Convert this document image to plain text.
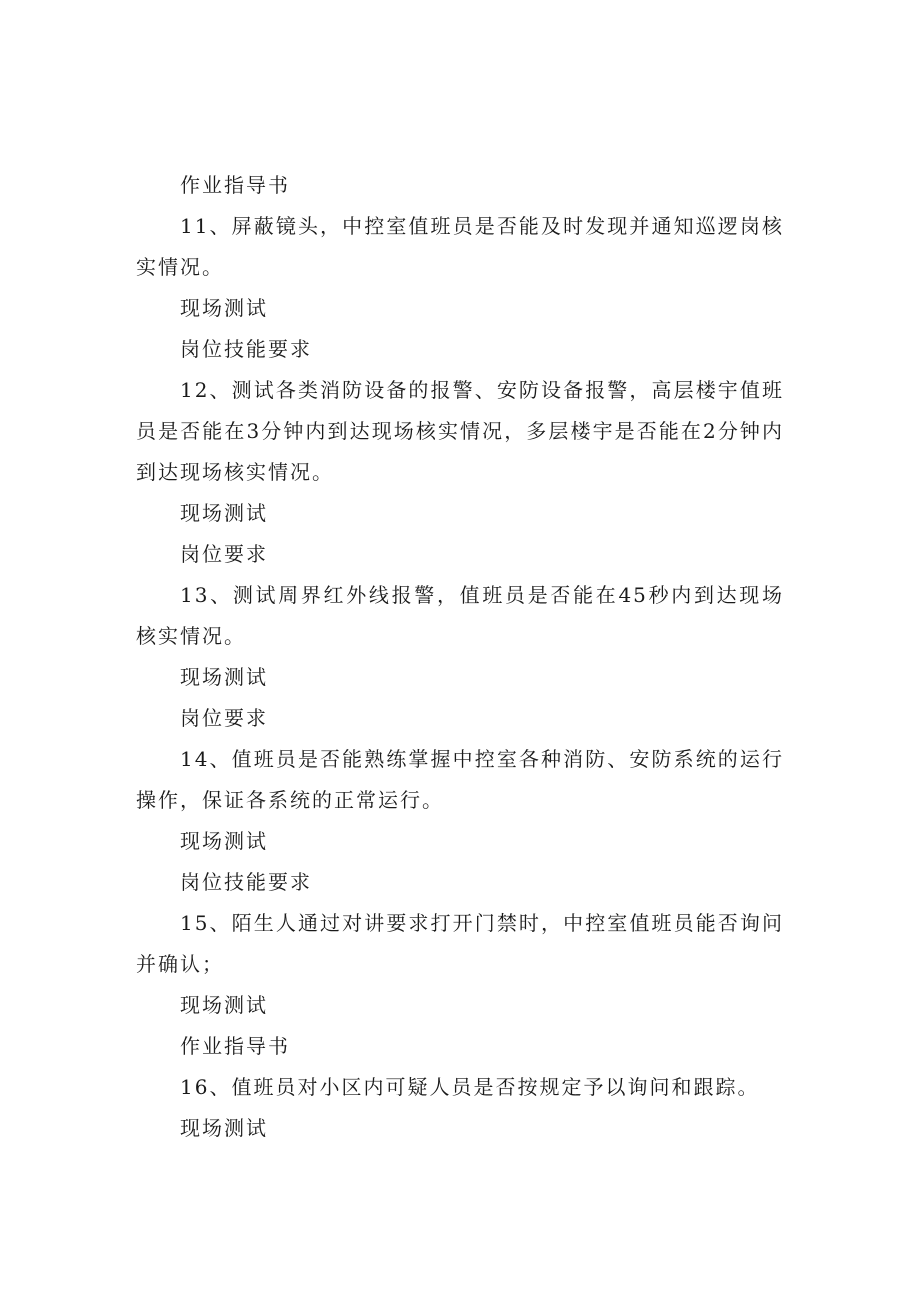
作业指导书

11、屏蔽镜头，中控室值班员是否能及时发现并通知巡逻岗核实情况。

现场测试

岗位技能要求

12、测试各类消防设备的报警、安防设备报警，高层楼宇值班员是否能在3分钟内到达现场核实情况，多层楼宇是否能在2分钟内到达现场核实情况。

现场测试

岗位要求

13、测试周界红外线报警，值班员是否能在45秒内到达现场核实情况。

现场测试

岗位要求

14、值班员是否能熟练掌握中控室各种消防、安防系统的运行操作，保证各系统的正常运行。

现场测试

岗位技能要求

15、陌生人通过对讲要求打开门禁时，中控室值班员能否询问并确认；

现场测试

作业指导书

16、值班员对小区内可疑人员是否按规定予以询问和跟踪。

现场测试
